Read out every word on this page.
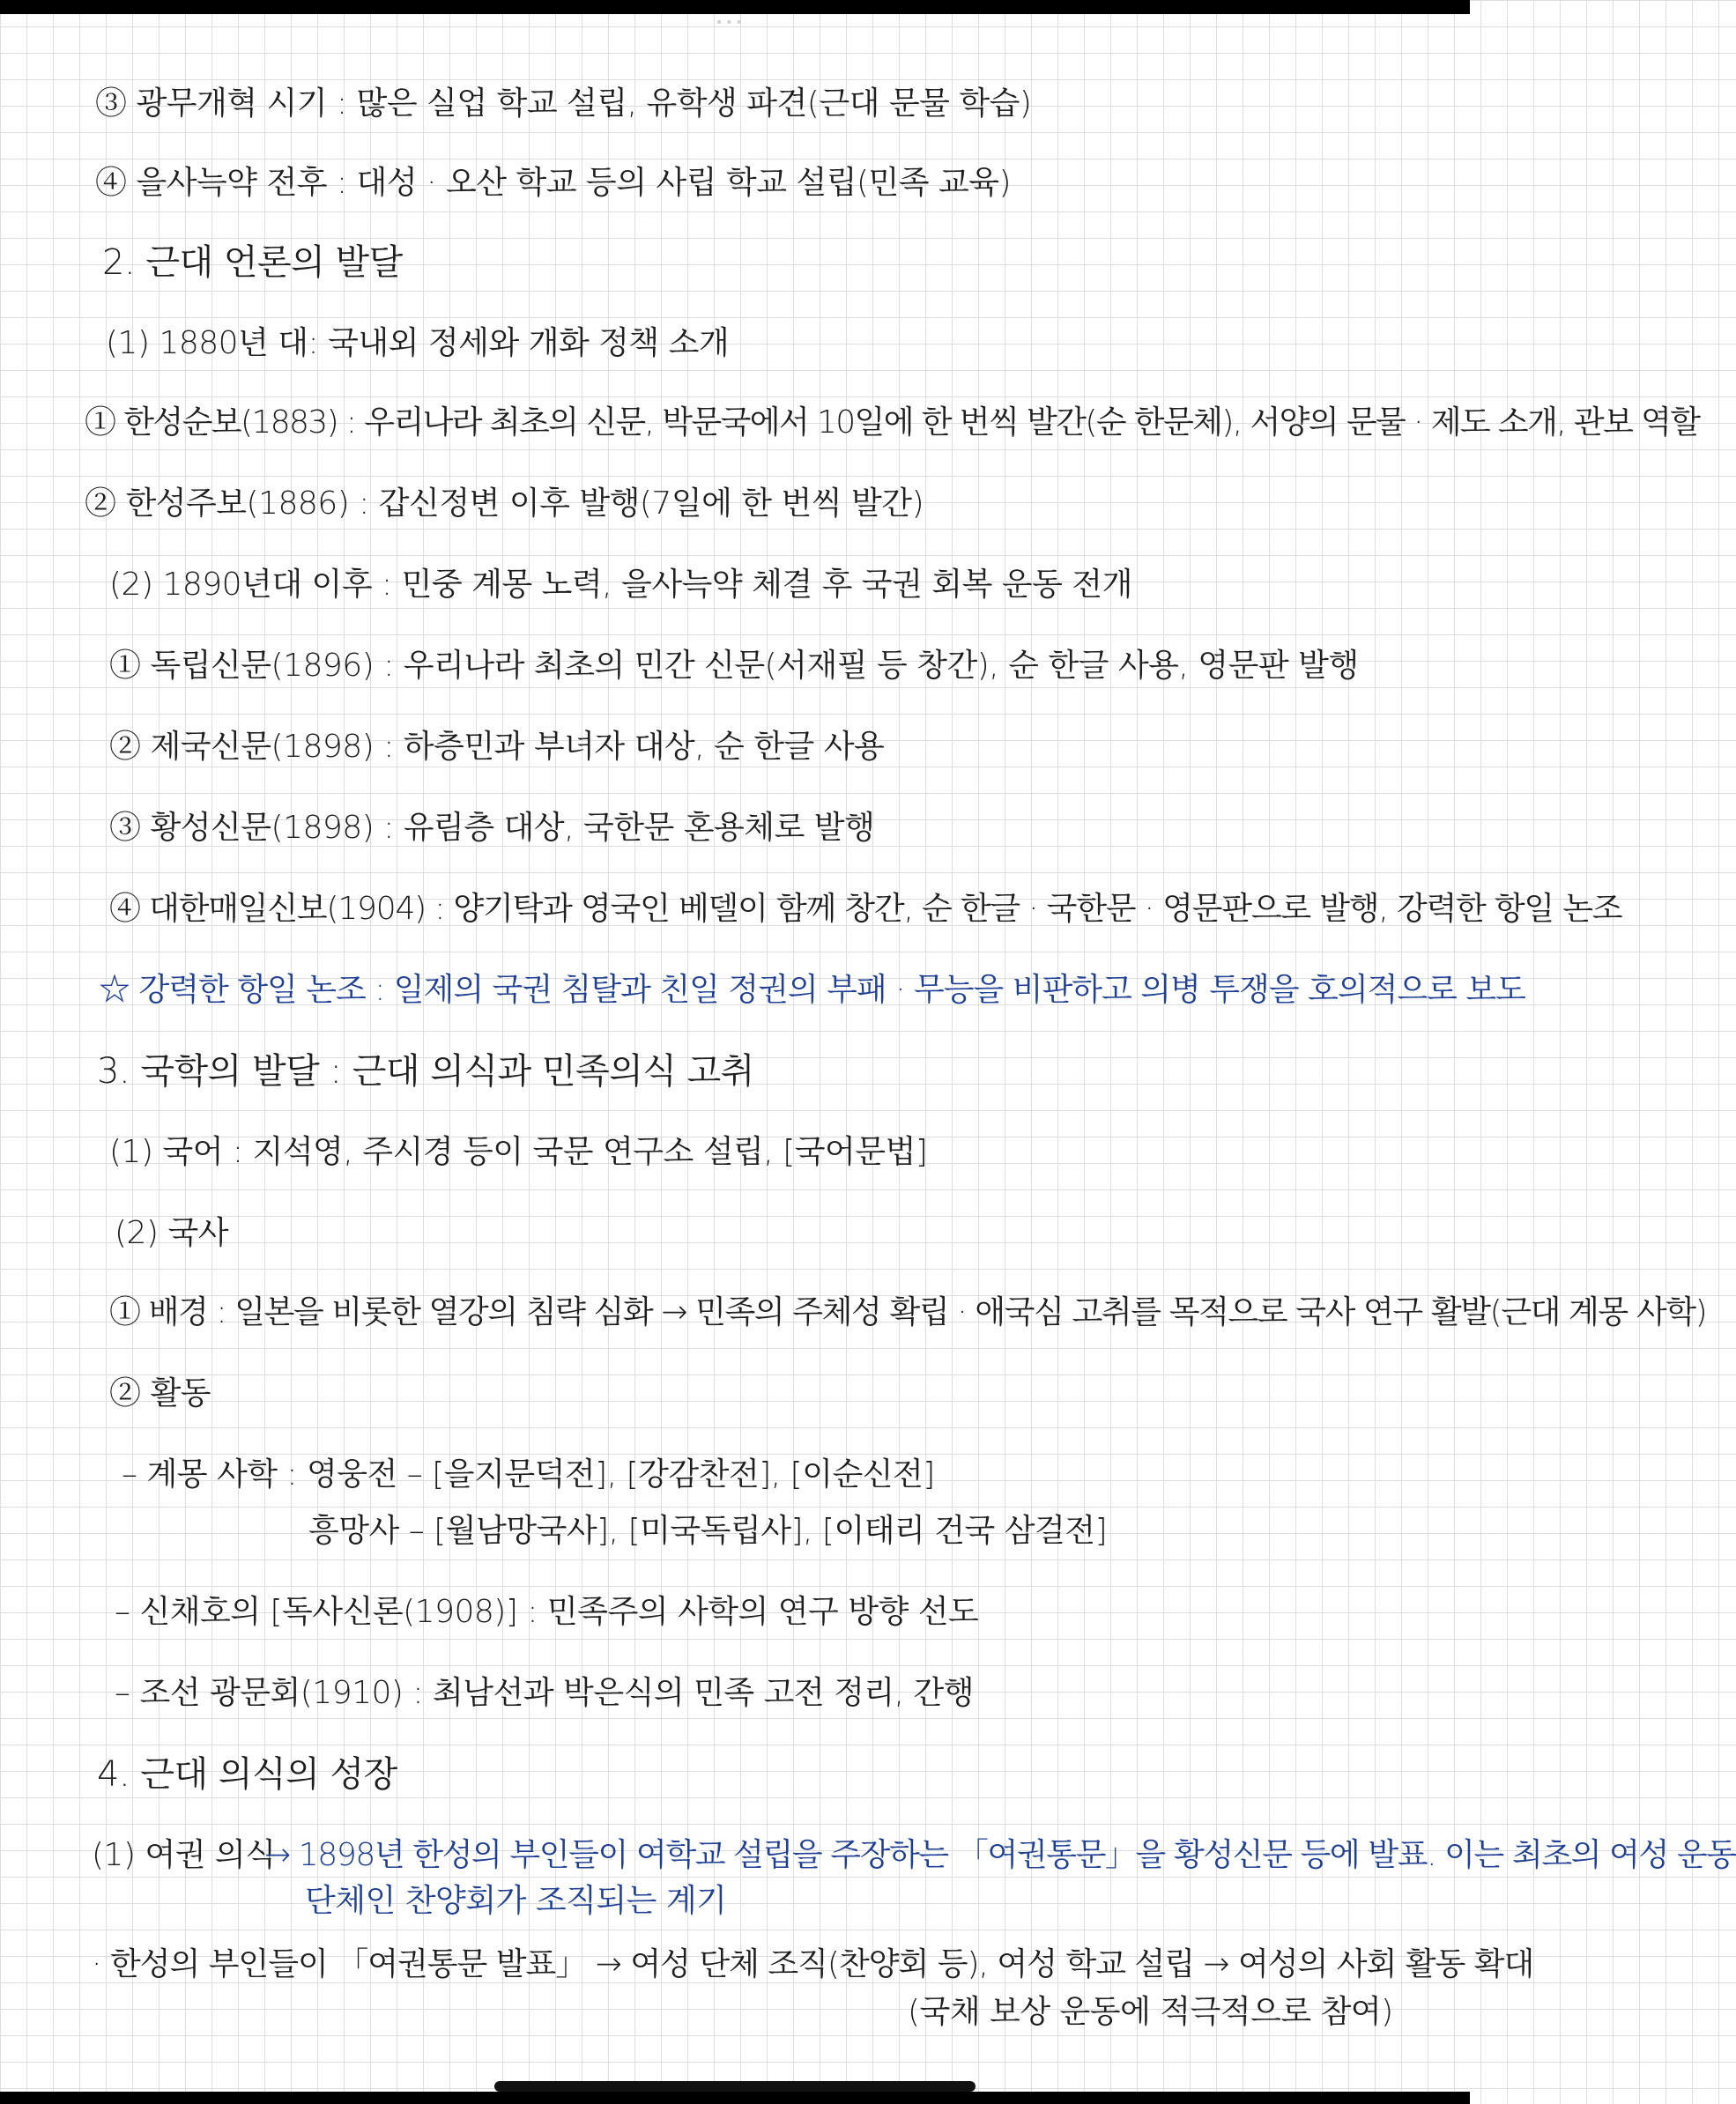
•••
③ 광무개혁 시기 : 많은 실업 학교 설립, 유학생 파견(근대 문물 학습)
④ 을사늑약 전후 : 대성 · 오산 학교 등의 사립 학교 설립(민족 교육)
2. 근대 언론의 발달
(1) 1880년 대: 국내외 정세와 개화 정책 소개
① 한성순보(1883) : 우리나라 최초의 신문, 박문국에서 10일에 한 번씩 발간(순 한문체), 서양의 문물 · 제도 소개, 관보 역할
② 한성주보(1886) : 갑신정변 이후 발행(7일에 한 번씩 발간)
(2) 1890년대 이후 : 민중 계몽 노력, 을사늑약 체결 후 국권 회복 운동 전개
① 독립신문(1896) : 우리나라 최초의 민간 신문(서재필 등 창간), 순 한글 사용, 영문판 발행
② 제국신문(1898) : 하층민과 부녀자 대상, 순 한글 사용
③ 황성신문(1898) : 유림층 대상, 국한문 혼용체로 발행
④ 대한매일신보(1904) : 양기탁과 영국인 베델이 함께 창간, 순 한글 · 국한문 · 영문판으로 발행, 강력한 항일 논조
☆ 강력한 항일 논조 : 일제의 국권 침탈과 친일 정권의 부패 · 무능을 비판하고 의병 투쟁을 호의적으로 보도
3. 국학의 발달 : 근대 의식과 민족의식 고취
(1) 국어 : 지석영, 주시경 등이 국문 연구소 설립, [국어문법]
(2) 국사
① 배경 : 일본을 비롯한 열강의 침략 심화 → 민족의 주체성 확립 · 애국심 고취를 목적으로 국사 연구 활발(근대 계몽 사학)
② 활동
– 계몽 사학 : 영웅전 – [을지문덕전], [강감찬전], [이순신전]
흥망사 – [월남망국사], [미국독립사], [이태리 건국 삼걸전]
– 신채호의 [독사신론(1908)] : 민족주의 사학의 연구 방향 선도
– 조선 광문회(1910) : 최남선과 박은식의 민족 고전 정리, 간행
4. 근대 의식의 성장
(1) 여권 의식
→ 1898년 한성의 부인들이 여학교 설립을 주장하는 「여권통문」을 황성신문 등에 발표. 이는 최초의 여성 운동
단체인 찬양회가 조직되는 계기
· 한성의 부인들이 「여권통문 발표」 → 여성 단체 조직(찬양회 등), 여성 학교 설립 → 여성의 사회 활동 확대
(국채 보상 운동에 적극적으로 참여)
